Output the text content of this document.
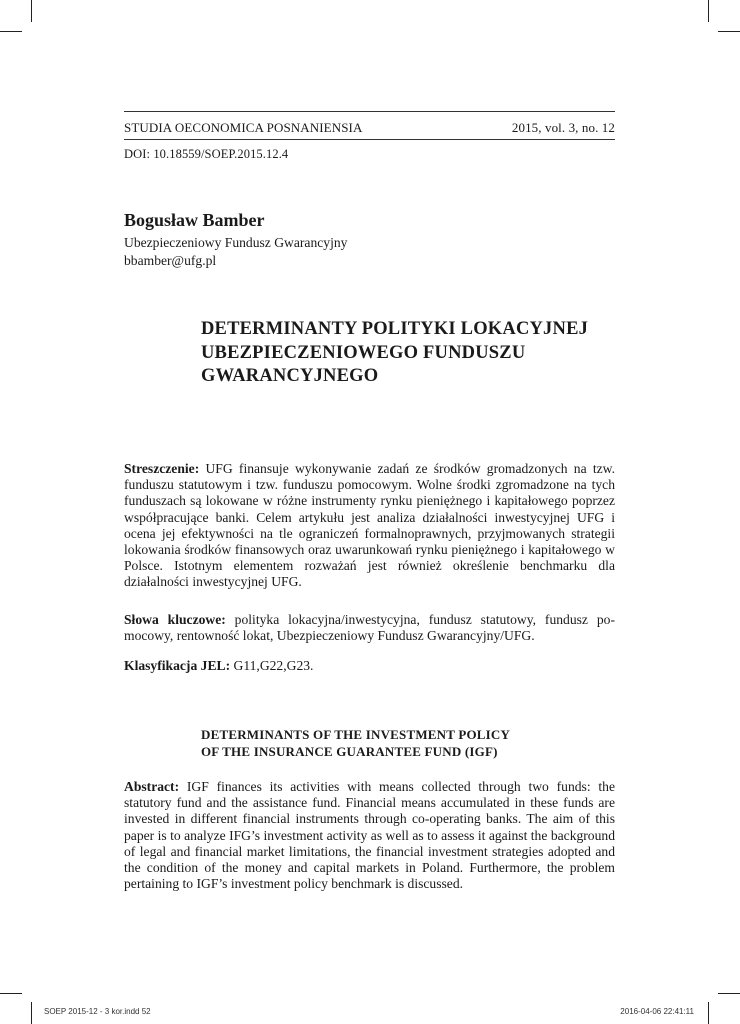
STUDIA OECONOMICA POSNANIENSIA	2015, vol. 3, no. 12
DOI: 10.18559/SOEP.2015.12.4
Bogusław Bamber
Ubezpieczeniowy Fundusz Gwarancyjny
bbamber@ufg.pl
DETERMINANTY POLITYKI LOKACYJNEJ
UBEZPIECZENIOWEGO FUNDUSZU
GWARANCYJNEGO
Streszczenie: UFG finansuje wykonywanie zadań ze środków gromadzonych na tzw. funduszu statutowym i tzw. funduszu pomocowym. Wolne środki zgromadzone na tych funduszach są lokowane w różne instrumenty rynku pieniężnego i kapitałowego poprzez współpracujące banki. Celem artykułu jest analiza działalności inwestycyjnej UFG i ocena jej efektywności na tle ograniczeń formalnoprawnych, przyjmowanych strategii lokowania środków finansowych oraz uwarunkowań rynku pieniężnego i kapitałowego w Polsce. Istotnym elementem rozważań jest również określenie benchmarku dla działalności inwestycyjnej UFG.
Słowa kluczowe: polityka lokacyjna/inwestycyjna, fundusz statutowy, fundusz pomocowy, rentowność lokat, Ubezpieczeniowy Fundusz Gwarancyjny/UFG.
Klasyfikacja JEL: G11,G22,G23.
DETERMINANTS OF THE INVESTMENT POLICY
OF THE INSURANCE GUARANTEE FUND (IGF)
Abstract: IGF finances its activities with means collected through two funds: the statutory fund and the assistance fund. Financial means accumulated in these funds are invested in different financial instruments through co-operating banks. The aim of this paper is to analyze IFG’s investment activity as well as to assess it against the background of legal and financial market limitations, the financial investment strategies adopted and the condition of the money and capital markets in Poland. Furthermore, the problem pertaining to IGF’s investment policy benchmark is discussed.
SOEP 2015-12 - 3 kor.indd 52	2016-04-06 22:41:11
